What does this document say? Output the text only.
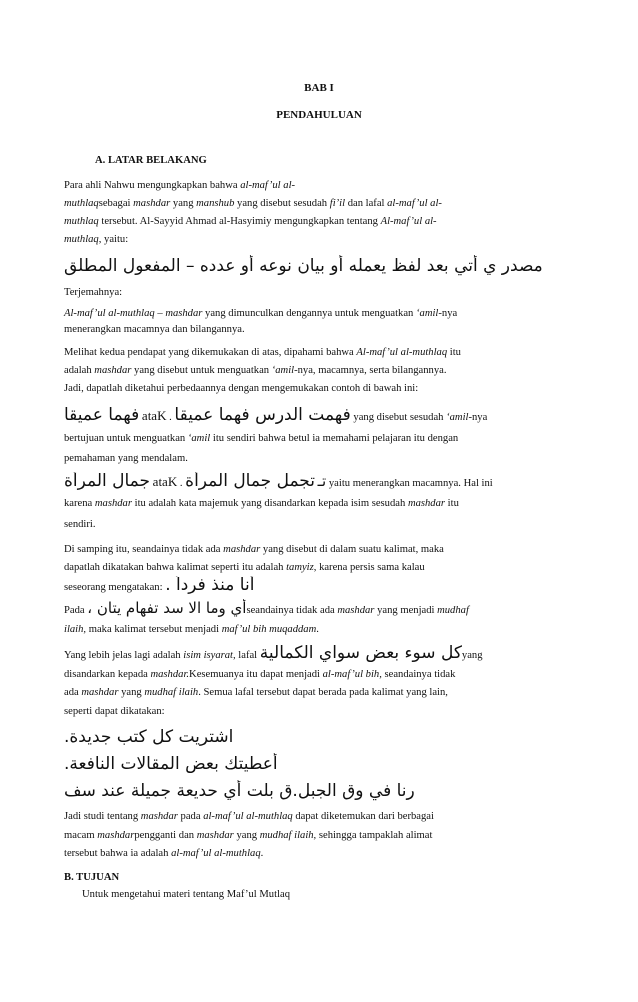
BAB I
PENDAHULUAN
A. LATAR BELAKANG
Para ahli Nahwu mengungkapkan bahwa al-maf’ul al-
muthlaqsebagai mashdar yang manshub yang disebut sesudah fi’il dan lafal al-maf’ul al-
muthlaq tersebut. Al-Sayyid Ahmad al-Hasyimiy mengungkapkan tentang Al-maf’ul al-
muthlaq, yaitu:
مصدر ي أتي بعد لفظ يعمله أو بيان نوعه أو عدده – المفعول المطلق
Terjemahnya:
Al-maf’ul al-muthlaq – mashdar yang dimunculkan dengannya untuk menguatkan ‘amil-nya
menerangkan macamnya dan bilangannya.
Melihat kedua pendapat yang dikemukakan di atas, dipahami bahwa Al-maf’ul al-muthlaq itu
adalah mashdar yang disebut untuk menguatkan ‘amil-nya, macamnya, serta bilangannya.
Jadi, dapatlah diketahui perbedaannya dengan mengemukakan contoh di bawah ini:
فهما عميقا ataK . فهمت الدرس فهما عميقا yang disebut sesudah ‘amil-nya
bertujuan untuk menguatkan ‘amil itu sendiri bahwa betul ia memahami pelajaran itu dengan
pemahaman yang mendalam.
جمال المرأة ataK . تجمل جمال المرأة تـ yaitu menerangkan macamnya. Hal ini
karena mashdar itu adalah kata majemuk yang disandarkan kepada isim sesudah mashdar itu
sendiri.
Di samping itu, seandainya tidak ada mashdar yang disebut di dalam suatu kalimat, maka
dapatlah dikatakan bahwa kalimat seperti itu adalah tamyiz, karena persis sama kalau
seseorang mengatakan: أنا منذ فرداً .
Pada أي وما الا سد تفهام يتان ،seandainya tidak ada mashdar yang menjadi mudhaf
ilaih, maka kalimat tersebut menjadi maf’ul bih muqaddam.
Yang lebih jelas lagi adalah isim isyarat, lafal كل سوء بعض سواي الكماليةyang
disandarkan kepada mashdar.Kesemuanya itu dapat menjadi al-maf’ul bih, seandainya tidak
ada mashdar yang mudhaf ilaih. Semua lafal tersebut dapat berada pada kalimat yang lain,
seperti dapat dikatakan:
اشتريت كل كتب جديدة.
أعطيتك بعض المقالات النافعة.
رنا في وق الجبل.ق بلت أي حديعة جميلة عند سف
Jadi studi tentang mashdar pada al-maf’ul al-muthlaq dapat diketemukan dari berbagai
macam mashdarpengganti dan mashdar yang mudhaf ilaih, sehingga tampaklah alimat
tersebut bahwa ia adalah al-maf’ul al-muthlaq.
B. TUJUAN
Untuk mengetahui materi tentang Maf’ul Mutlaq
